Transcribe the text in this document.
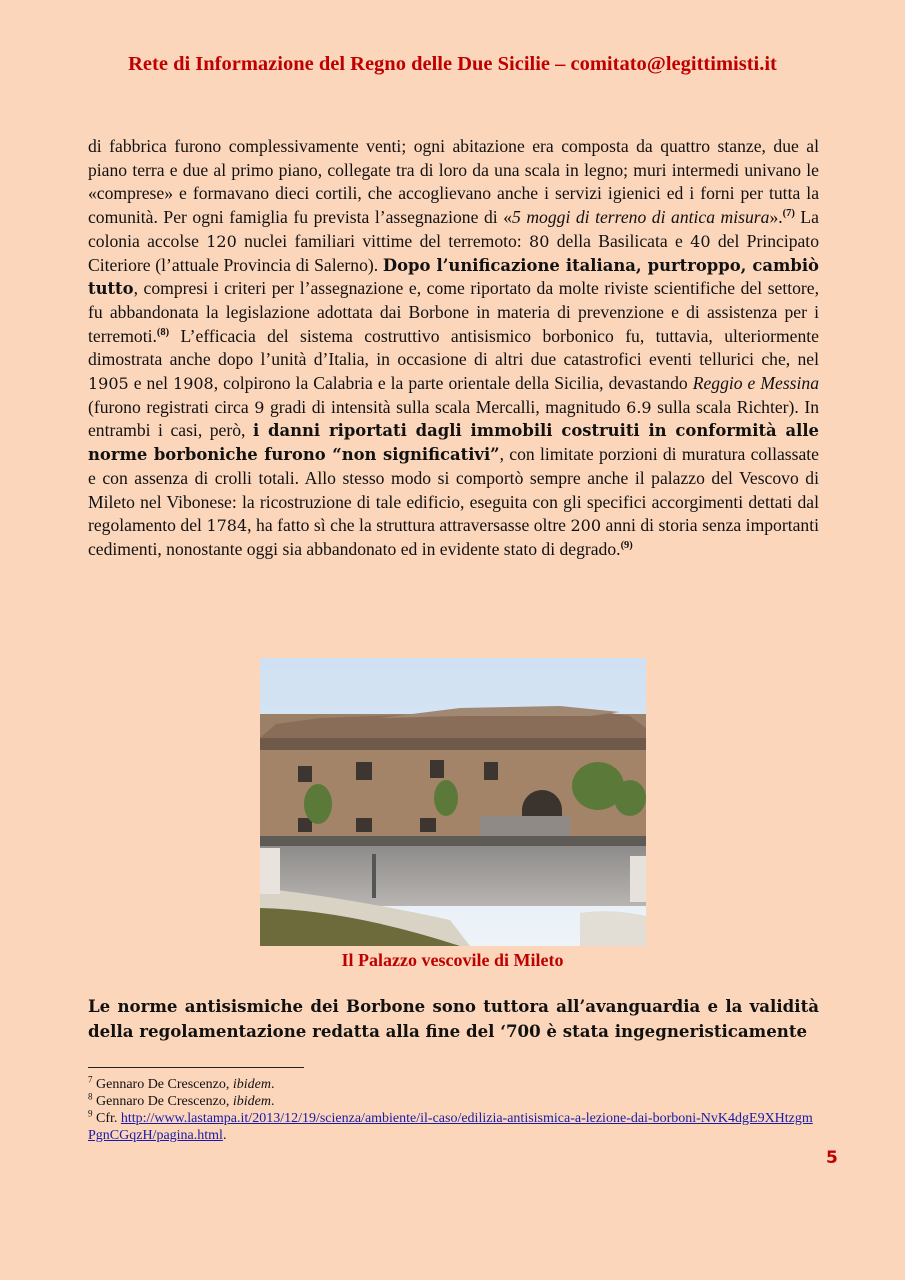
Rete di Informazione del Regno delle Due Sicilie – comitato@legittimisti.it
di fabbrica furono complessivamente venti; ogni abitazione era composta da quattro stanze, due al piano terra e due al primo piano, collegate tra di loro da una scala in legno; muri intermedi univano le «comprese» e formavano dieci cortili, che accoglievano anche i servizi igienici ed i forni per tutta la comunità. Per ogni famiglia fu prevista l’assegnazione di «5 moggi di terreno di antica misura».$^{(7)}$ La colonia accolse 120 nuclei familiari vittime del terremoto: 80 della Basilicata e 40 del Principato Citeriore (l’attuale Provincia di Salerno). Dopo l’unificazione italiana, purtroppo, cambiò tutto, compresi i criteri per l’assegnazione e, come riportato da molte riviste scientifiche del settore, fu abbandonata la legislazione adottata dai Borbone in materia di prevenzione e di assistenza per i terremoti.$^{(8)}$ L’efficacia del sistema costruttivo antisismico borbonico fu, tuttavia, ulteriormente dimostrata anche dopo l’unità d’Italia, in occasione di altri due catastrofici eventi tellurici che, nel 1905 e nel 1908, colpirono la Calabria e la parte orientale della Sicilia, devastando Reggio e Messina (furono registrati circa 9 gradi di intensità sulla scala Mercalli, magnitudo 6.9 sulla scala Richter). In entrambi i casi, però, i danni riportati dagli immobili costruiti in conformità alle norme borboniche furono “non significativi”, con limitate porzioni di muratura collassate e con assenza di crolli totali. Allo stesso modo si comportò sempre anche il palazzo del Vescovo di Mileto nel Vibonese: la ricostruzione di tale edificio, eseguita con gli specifici accorgimenti dettati dal regolamento del 1784, ha fatto sì che la struttura attraversasse oltre 200 anni di storia senza importanti cedimenti, nonostante oggi sia abbandonato ed in evidente stato di degrado.$^{(9)}$
Il Palazzo vescovile di Mileto
Le norme antisismiche dei Borbone sono tuttora all’avanguardia e la validità della regolamentazione redatta alla fine del ‘700 è stata ingegneristicamente
$^7$ Gennaro De Crescenzo, ibidem.
$^8$ Gennaro De Crescenzo, ibidem.
$^9$ Cfr. http://www.lastampa.it/2013/12/19/scienza/ambiente/il-caso/edilizia-antisismica-a-lezione-dai-borboni-NvK4dgE9XHtzgmPgnCGqzH/pagina.html.
5
